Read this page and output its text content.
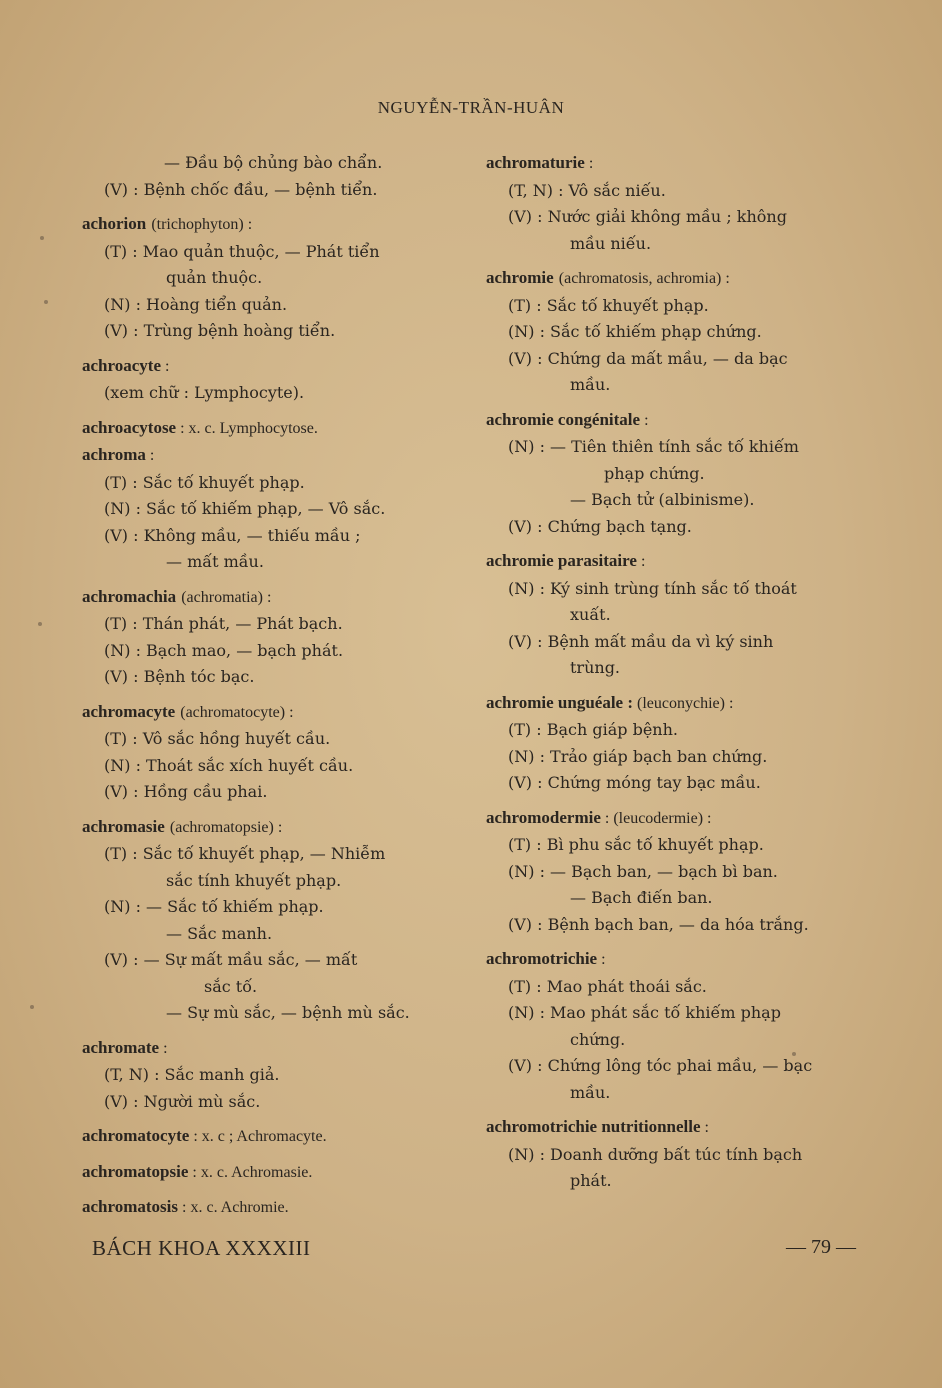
NGUYỄN-TRẦN-HUÂN
— Đầu bộ chủng bào chẩn.
(V) : Bệnh chốc đầu, — bệnh tiển.
achorion (trichophyton) :
(T) : Mao quản thuộc, — Phát tiển
quản thuộc.
(N) : Hoàng tiển quản.
(V) : Trùng bệnh hoàng tiển.
achroacyte :
(xem chữ : Lymphocyte).
achroacytose : x. c. Lymphocytose.
achroma :
(T) : Sắc tố khuyết phạp.
(N) : Sắc tố khiếm phạp, — Vô sắc.
(V) : Không mầu, — thiếu mầu ;
— mất mầu.
achromachia (achromatia) :
(T) : Thán phát, — Phát bạch.
(N) : Bạch mao, — bạch phát.
(V) : Bệnh tóc bạc.
achromacyte (achromatocyte) :
(T) : Vô sắc hồng huyết cầu.
(N) : Thoát sắc xích huyết cầu.
(V) : Hồng cầu phai.
achromasie (achromatopsie) :
(T) : Sắc tố khuyết phạp, — Nhiễm
sắc tính khuyết phạp.
(N) : — Sắc tố khiếm phạp.
— Sắc manh.
(V) : — Sự mất mầu sắc, — mất
sắc tố.
— Sự mù sắc, — bệnh mù sắc.
achromate :
(T, N) : Sắc manh giả.
(V) : Người mù sắc.
achromatocyte : x. c ; Achromacyte.
achromatopsie : x. c. Achromasie.
achromatosis : x. c. Achromie.
achromaturie :
(T, N) : Vô sắc niếu.
(V) : Nước giải không mầu ; không
mầu niếu.
achromie (achromatosis, achromia) :
(T) : Sắc tố khuyết phạp.
(N) : Sắc tố khiếm phạp chứng.
(V) : Chứng da mất mầu, — da bạc
mầu.
achromie congénitale :
(N) : — Tiên thiên tính sắc tố khiếm
phạp chứng.
— Bạch tử (albinisme).
(V) : Chứng bạch tạng.
achromie parasitaire :
(N) : Ký sinh trùng tính sắc tố thoát
xuất.
(V) : Bệnh mất mầu da vì ký sinh
trùng.
achromie unguéale : (leuconychie) :
(T) : Bạch giáp bệnh.
(N) : Trảo giáp bạch ban chứng.
(V) : Chứng móng tay bạc mầu.
achromodermie : (leucodermie) :
(T) : Bì phu sắc tố khuyết phạp.
(N) : — Bạch ban, — bạch bì ban.
— Bạch điến ban.
(V) : Bệnh bạch ban, — da hóa trắng.
achromotrichie :
(T) : Mao phát thoái sắc.
(N) : Mao phát sắc tố khiếm phạp
chứng.
(V) : Chứng lông tóc phai mầu, — bạc
mầu.
achromotrichie nutritionnelle :
(N) : Doanh dưỡng bất túc tính bạch
phát.
BÁCH KHOA XXXXIII	— 79 —
